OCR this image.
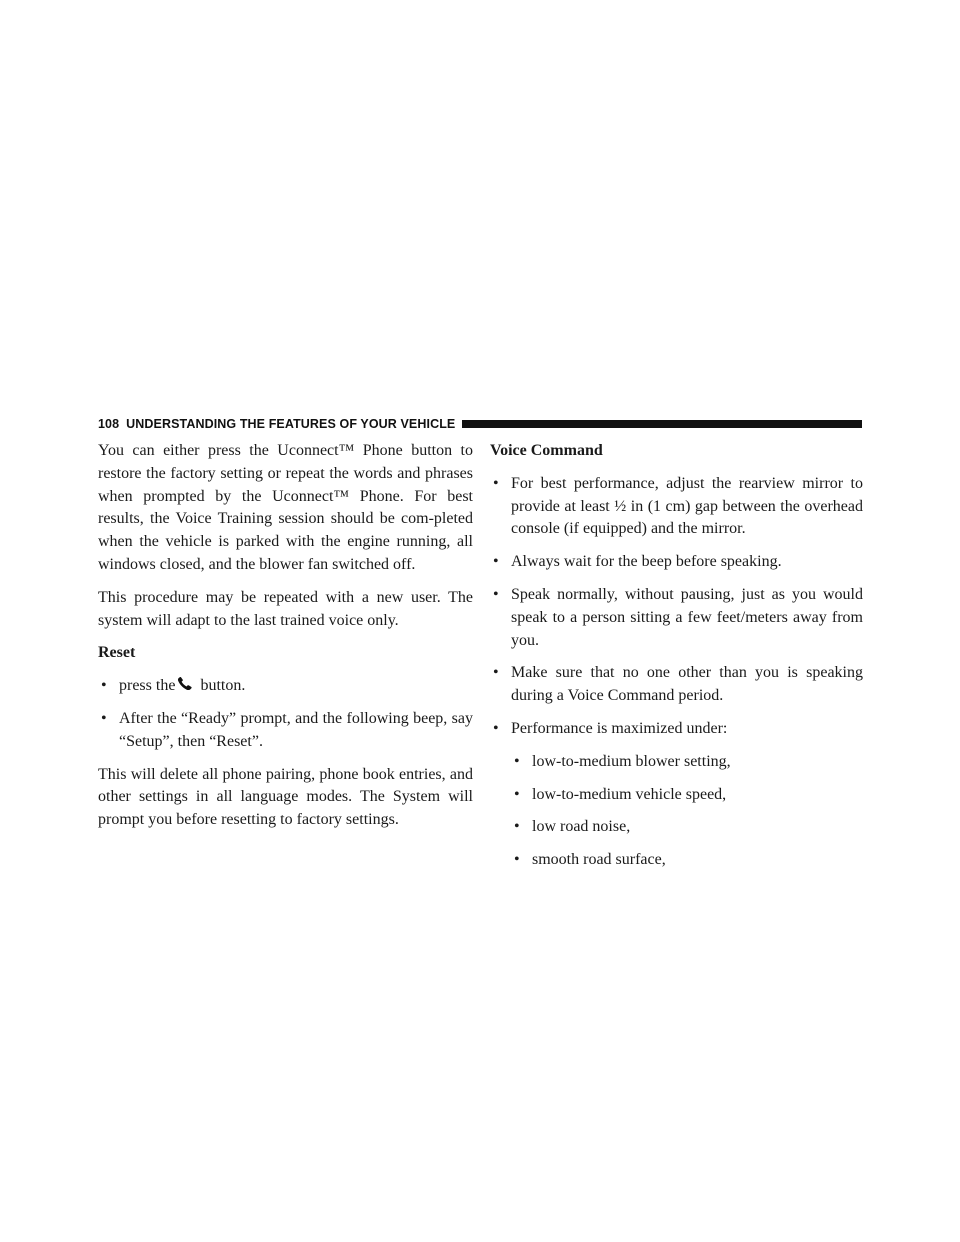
108 UNDERSTANDING THE FEATURES OF YOUR VEHICLE

You can either press the Uconnect™ Phone button to restore the factory setting or repeat the words and phrases when prompted by the Uconnect™ Phone. For best results, the Voice Training session should be com-pleted when the vehicle is parked with the engine running, all windows closed, and the blower fan switched off.

This procedure may be repeated with a new user. The system will adapt to the last trained voice only.

Reset
• press the button.
• After the “Ready” prompt, and the following beep, say “Setup”, then “Reset”.

This will delete all phone pairing, phone book entries, and other settings in all language modes. The System will prompt you before resetting to factory settings.

Voice Command
• For best performance, adjust the rearview mirror to provide at least ½ in (1 cm) gap between the overhead console (if equipped) and the mirror.
• Always wait for the beep before speaking.
• Speak normally, without pausing, just as you would speak to a person sitting a few feet/meters away from you.
• Make sure that no one other than you is speaking during a Voice Command period.
• Performance is maximized under:
• low-to-medium blower setting,
• low-to-medium vehicle speed,
• low road noise,
• smooth road surface,
